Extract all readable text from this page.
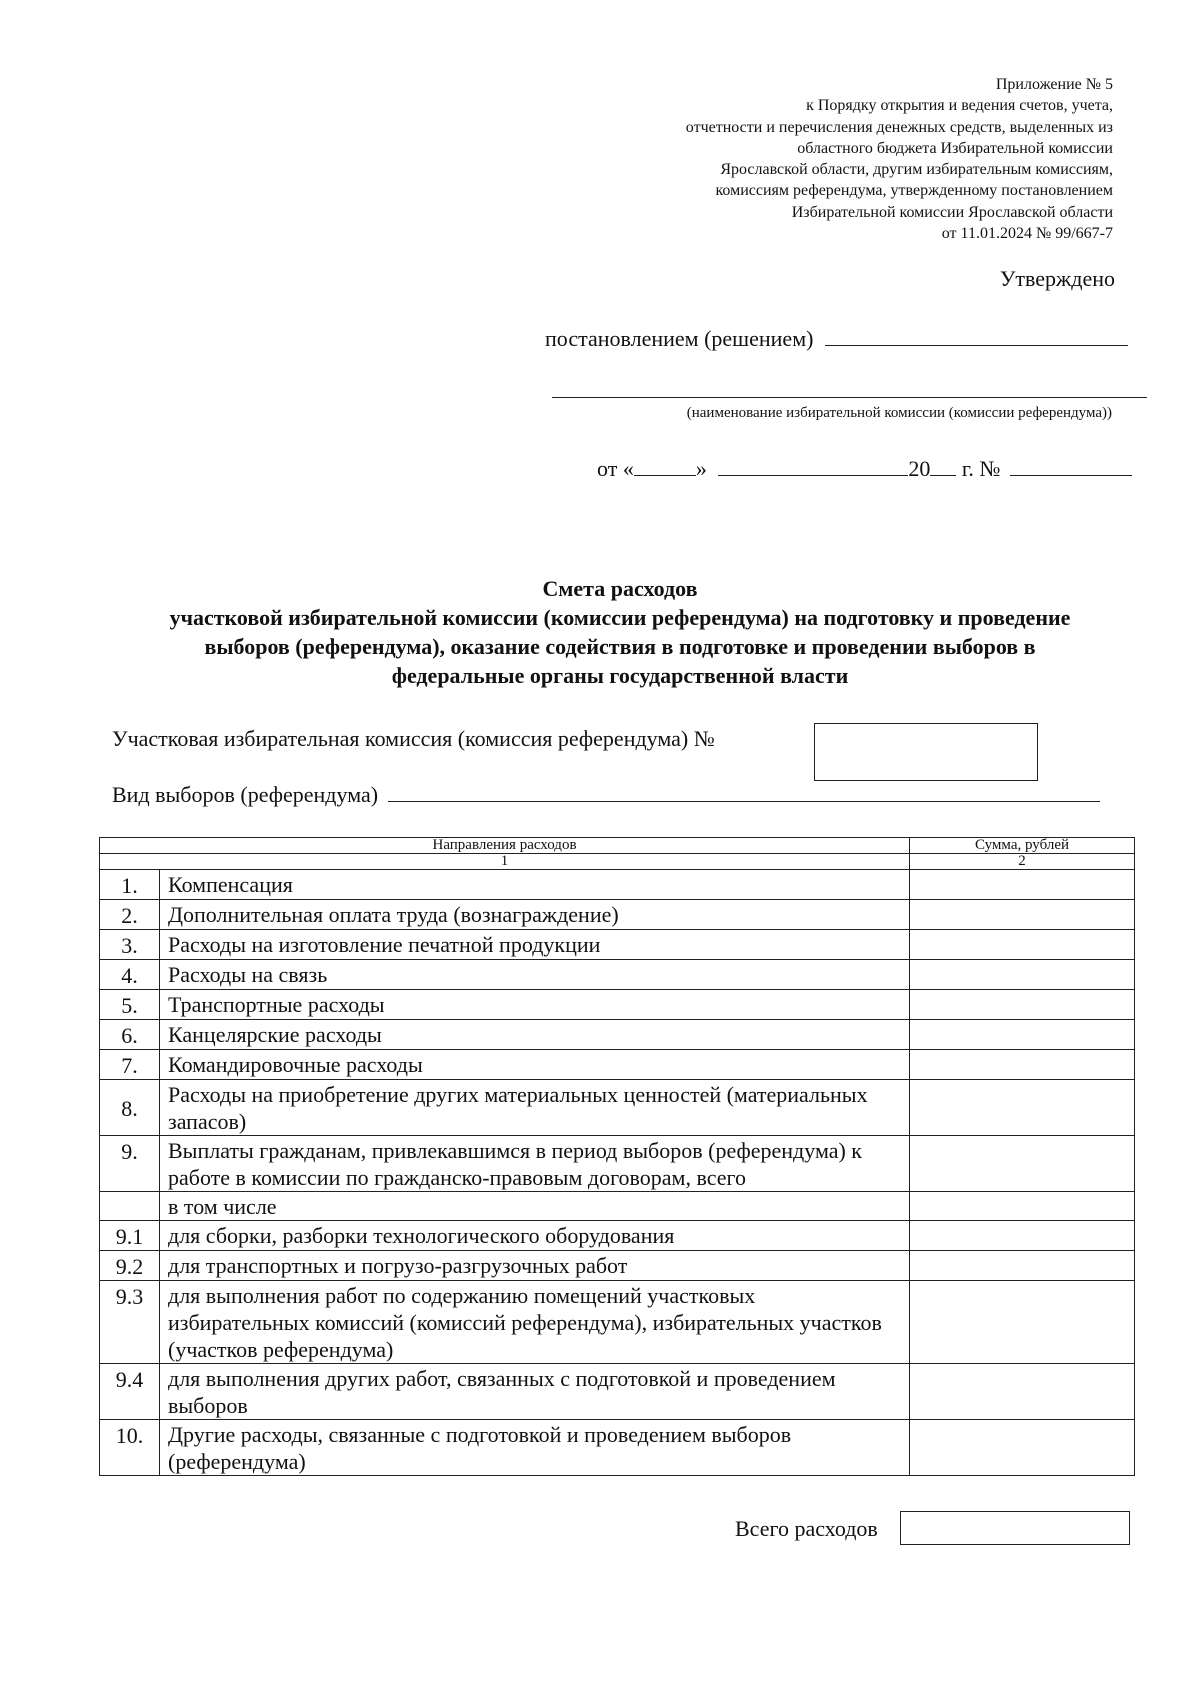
Приложение № 5
к Порядку открытия и ведения счетов, учета,
отчетности и перечисления денежных средств, выделенных из
областного бюджета Избирательной комиссии
Ярославской области, другим избирательным комиссиям,
комиссиям референдума, утвержденному постановлением
Избирательной комиссии Ярославской области
от 11.01.2024 № 99/667-7
Утверждено
постановлением (решением)
(наименование избирательной комиссии (комиссии референдума))
от «	»	20 г. №
Смета расходов
участковой избирательной комиссии (комиссии референдума) на подготовку и проведение
выборов (референдума), оказание содействия в подготовке и проведении выборов в
федеральные органы государственной власти
Участковая избирательная комиссия (комиссия референдума) №
Вид выборов (референдума)
Направления расходов		Сумма, рублей
1		2
1.	Компенсация	
2.	Дополнительная оплата труда (вознаграждение)	
3.	Расходы на изготовление печатной продукции	
4.	Расходы на связь	
5.	Транспортные расходы	
6.	Канцелярские расходы	
7.	Командировочные расходы	
8.	Расходы на приобретение других материальных ценностей (материальных запасов)	
9.	Выплаты гражданам, привлекавшимся в период выборов (референдума) к работе в комиссии по гражданско-правовым договорам, всего	
	в том числе	
9.1	для сборки, разборки технологического оборудования	
9.2	для транспортных и погрузо-разгрузочных работ	
9.3	для выполнения работ по содержанию помещений участковых избирательных комиссий (комиссий референдума), избирательных участков (участков референдума)	
9.4	для выполнения других работ, связанных с подготовкой и проведением выборов	
10.	Другие расходы, связанные с подготовкой и проведением выборов (референдума)	
Всего расходов
